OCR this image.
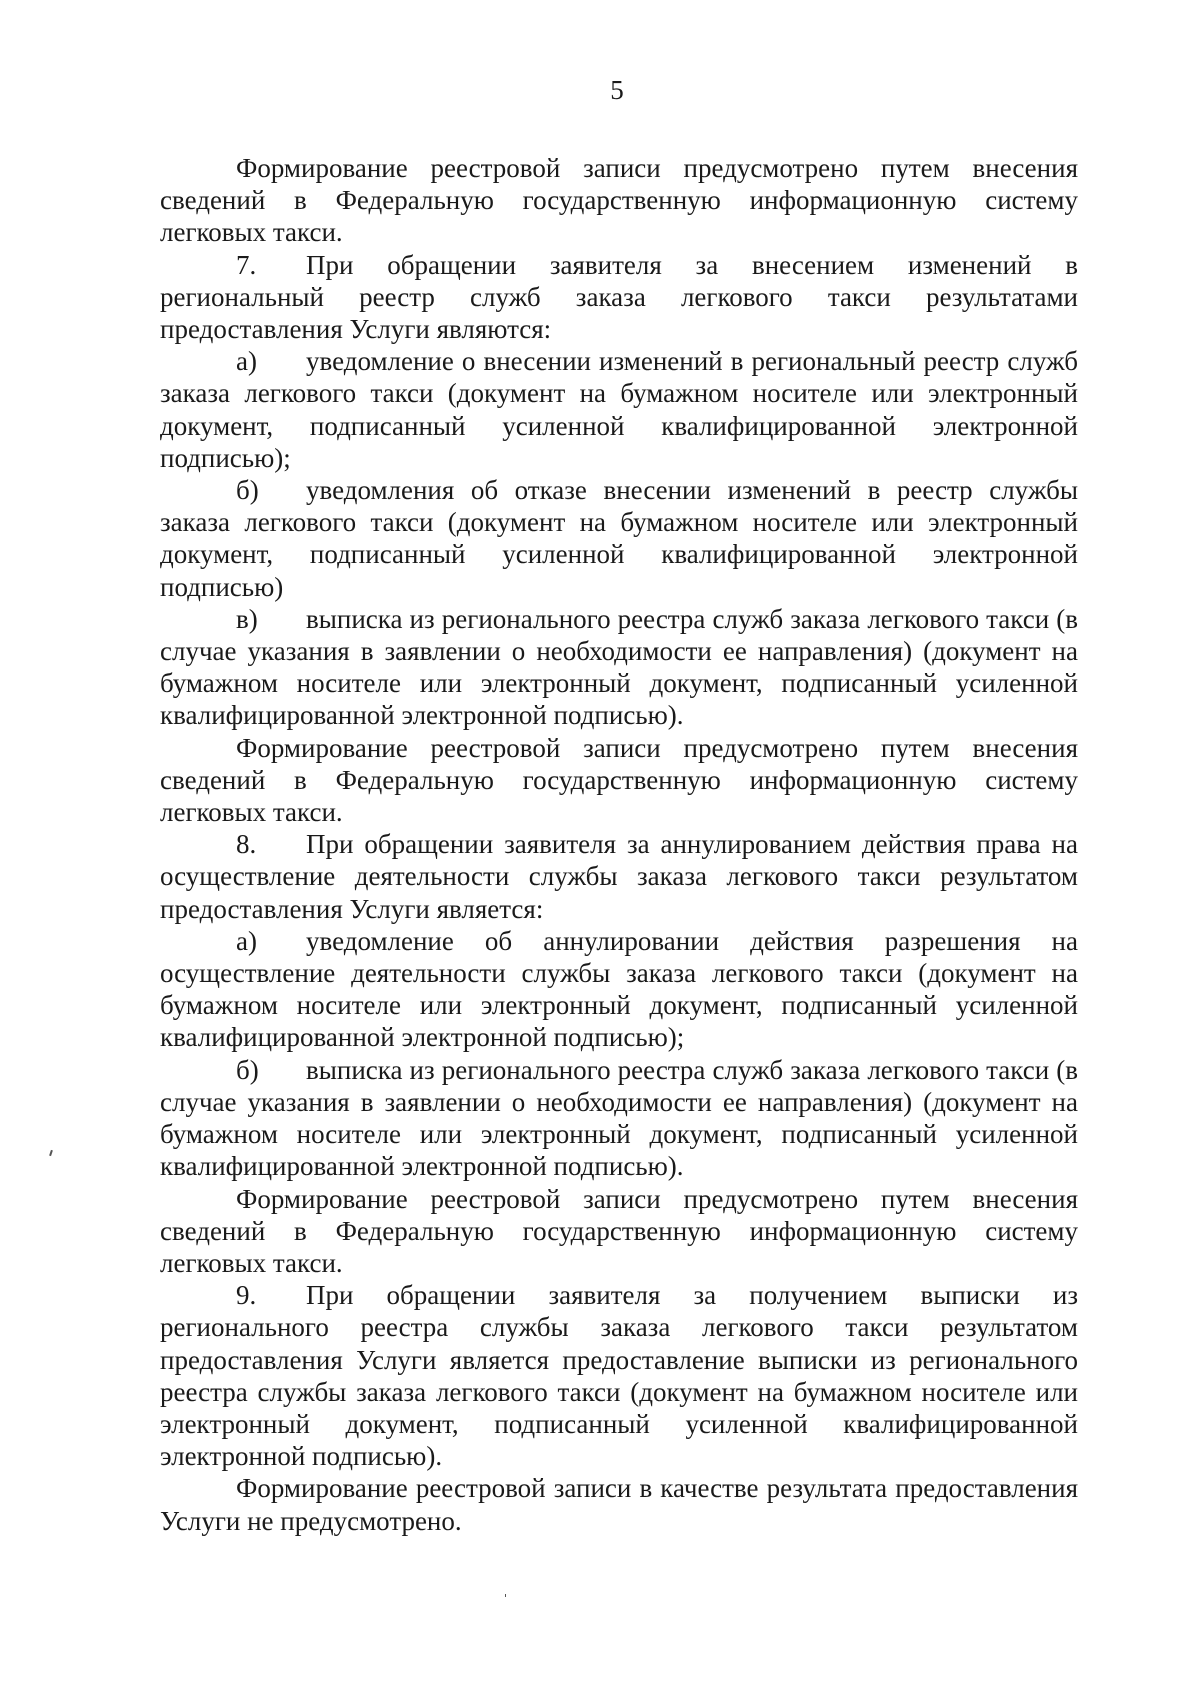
5

Формирование реестровой записи предусмотрено путем внесения сведений в Федеральную государственную информационную систему легковых такси.

7. При обращении заявителя за внесением изменений в региональный реестр служб заказа легкового такси результатами предоставления Услуги являются:

а) уведомление о внесении изменений в региональный реестр служб заказа легкового такси (документ на бумажном носителе или электронный документ, подписанный усиленной квалифицированной электронной подписью);

б) уведомления об отказе внесении изменений в реестр службы заказа легкового такси (документ на бумажном носителе или электронный документ, подписанный усиленной квалифицированной электронной подписью)

в) выписка из регионального реестра служб заказа легкового такси (в случае указания в заявлении о необходимости ее направления) (документ на бумажном носителе или электронный документ, подписанный усиленной квалифицированной электронной подписью).

Формирование реестровой записи предусмотрено путем внесения сведений в Федеральную государственную информационную систему легковых такси.

8. При обращении заявителя за аннулированием действия права на осуществление деятельности службы заказа легкового такси результатом предоставления Услуги является:

а) уведомление об аннулировании действия разрешения на осуществление деятельности службы заказа легкового такси (документ на бумажном носителе или электронный документ, подписанный усиленной квалифицированной электронной подписью);

б) выписка из регионального реестра служб заказа легкового такси (в случае указания в заявлении о необходимости ее направления) (документ на бумажном носителе или электронный документ, подписанный усиленной квалифицированной электронной подписью).

Формирование реестровой записи предусмотрено путем внесения сведений в Федеральную государственную информационную систему легковых такси.

9. При обращении заявителя за получением выписки из регионального реестра службы заказа легкового такси результатом предоставления Услуги является предоставление выписки из регионального реестра службы заказа легкового такси (документ на бумажном носителе или электронный документ, подписанный усиленной квалифицированной электронной подписью).

Формирование реестровой записи в качестве результата предоставления Услуги не предусмотрено.
